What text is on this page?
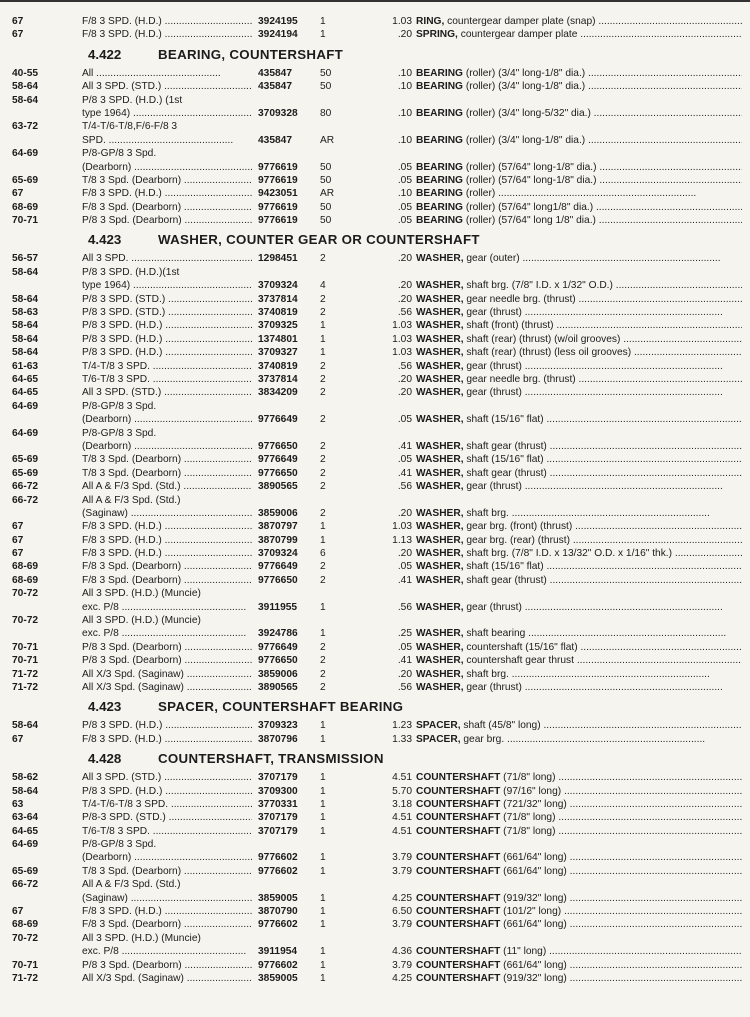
67	F/8 3 SPD. (H.D.) .....	3924195	1	1.03 RING, countergear damper plate (snap) .....
67	F/8 3 SPD. (H.D.) .....	3924194	1	.20 SPRING, countergear damper plate .....
4.422	BEARING, COUNTERSHAFT
40-55	All .....	435847	50	.10 BEARING (roller) (3/4" long-1/8" dia.) .....
58-64	All 3 SPD. (STD.) .....	435847	50	.10 BEARING (roller) (3/4" long-1/8" dia.) .....
58-64	P/8 3 SPD. (H.D.) (1st
type 1964) .....	3709328	80	.10 BEARING (roller) (3/4" long-5/32" dia.) .....
63-72	T/4-T/6-T/8,F/6-F/8 3
SPD. .....	435847	AR	.10 BEARING (roller) (3/4" long-1/8" dia.) .....
64-69	P/8-GP/8 3 Spd.
(Dearborn) .....	9776619	50	.05 BEARING (roller) (57/64" long-1/8" dia.) .....
65-69	T/8 3 Spd. (Dearborn) .....	9776619	50	.05 BEARING (roller) (57/64" long-1/8" dia.) .....
67	F/8 3 SPD. (H.D.) .....	9423051	AR	.10 BEARING (roller) .....
68-69	F/8 3 Spd. (Dearborn) .....	9776619	50	.05 BEARING (roller) (57/64" long1/8" dia.) .....
70-71	P/8 3 Spd. (Dearborn) .....	9776619	50	.05 BEARING (roller) (57/64" long 1/8" dia.) .....
4.423	WASHER, COUNTER GEAR OR COUNTERSHAFT
56-57	All 3 SPD. .....	1298451	2	.20 WASHER, gear (outer) .....
58-64	P/8 3 SPD. (H.D.)(1st
type 1964) .....	3709324	4	.20 WASHER, shaft brg. (7/8" I.D. x 1/32" O.D.) .....
58-64	P/8 3 SPD. (STD.) .....	3737814	2	.20 WASHER, gear needle brg. (thrust) .....
58-63	P/8 3 SPD. (STD.) .....	3740819	2	.56 WASHER, gear (thrust) .....
58-64	P/8 3 SPD. (H.D.) .....	3709325	1	1.03 WASHER, shaft (front) (thrust) .....
58-64	P/8 3 SPD. (H.D.) .....	1374801	1	1.03 WASHER, shaft (rear) (thrust) (w/oil grooves) .....
58-64	P/8 3 SPD. (H.D.) .....	3709327	1	1.03 WASHER, shaft (rear) (thrust) (less oil grooves) .....
61-63	T/4-T/8 3 SPD. .....	3740819	2	.56 WASHER, gear (thrust) .....
64-65	T/6-T/8 3 SPD. .....	3737814	2	.20 WASHER, gear needle brg. (thrust) .....
64-65	All 3 SPD. (STD.) .....	3834209	2	.20 WASHER, gear (thrust) .....
64-69	P/8-GP/8 3 Spd.
(Dearborn) .....	9776649	2	.05 WASHER, shaft (15/16" flat) .....
64-69	P/8-GP/8 3 Spd.
(Dearborn) .....	9776650	2	.41 WASHER, shaft gear (thrust) .....
65-69	T/8 3 Spd. (Dearborn) .....	9776649	2	.05 WASHER, shaft (15/16" flat) .....
65-69	T/8 3 Spd. (Dearborn) .....	9776650	2	.41 WASHER, shaft gear (thrust) .....
66-72	All A & F/3 Spd. (Std.) .....	3890565	2	.56 WASHER, gear (thrust) .....
66-72	All A & F/3 Spd. (Std.)
(Saginaw) .....	3859006	2	.20 WASHER, shaft brg. .....
67	F/8 3 SPD. (H.D.) .....	3870797	1	1.03 WASHER, gear brg. (front) (thrust) .....
67	F/8 3 SPD. (H.D.) .....	3870799	1	1.13 WASHER, gear brg. (rear) (thrust) .....
67	F/8 3 SPD. (H.D.) .....	3709324	6	.20 WASHER, shaft brg. (7/8" I.D. x 13/32" O.D. x 1/16" thk.) .....
68-69	F/8 3 Spd. (Dearborn) .....	9776649	2	.05 WASHER, shaft (15/16" flat) .....
68-69	F/8 3 Spd. (Dearborn) .....	9776650	2	.41 WASHER, shaft gear (thrust) .....
70-72	All 3 SPD. (H.D.) (Muncie)
exc. P/8 .....	3911955	1	.56 WASHER, gear (thrust) .....
70-72	All 3 SPD. (H.D.) (Muncie)
exc. P/8 .....	3924786	1	.25 WASHER, shaft bearing .....
70-71	P/8 3 Spd. (Dearborn) .....	9776649	2	.05 WASHER, countershaft (15/16" flat) .....
70-71	P/8 3 Spd. (Dearborn) .....	9776650	2	.41 WASHER, countershaft gear thrust .....
71-72	All X/3 Spd. (Saginaw) .....	3859006	2	.20 WASHER, shaft brg. .....
71-72	All X/3 Spd. (Saginaw) .....	3890565	2	.56 WASHER, gear (thrust) .....
4.423	SPACER, COUNTERSHAFT BEARING
58-64	P/8 3 SPD. (H.D.) .....	3709323	1	1.23 SPACER, shaft (45/8" long) .....
67	F/8 3 SPD. (H.D.) .....	3870796	1	1.33 SPACER, gear brg. .....
4.428	COUNTERSHAFT, TRANSMISSION
58-62	All 3 SPD. (STD.) .....	3707179	1	4.51 COUNTERSHAFT (71/8" long) .....
58-64	P/8 3 SPD. (H.D.) .....	3709300	1	5.70 COUNTERSHAFT (97/16" long) .....
63	T/4-T/6-T/8 3 SPD. .....	3770331	1	3.18 COUNTERSHAFT (721/32" long) .....
63-64	P/8-3 SPD. (STD.) .....	3707179	1	4.51 COUNTERSHAFT (71/8" long) .....
64-65	T/6-T/8 3 SPD. .....	3707179	1	4.51 COUNTERSHAFT (71/8" long) .....
64-69	P/8-GP/8 3 Spd.
(Dearborn) .....	9776602	1	3.79 COUNTERSHAFT (661/64" long) .....
65-69	T/8 3 Spd. (Dearborn) .....	9776602	1	3.79 COUNTERSHAFT (661/64" long) .....
66-72	All A & F/3 Spd. (Std.)
(Saginaw) .....	3859005	1	4.25 COUNTERSHAFT (919/32" long) .....
67	F/8 3 SPD. (H.D.) .....	3870790	1	6.50 COUNTERSHAFT (101/2" long) .....
68-69	F/8 3 Spd. (Dearborn) .....	9776602	1	3.79 COUNTERSHAFT (661/64" long) .....
70-72	All 3 SPD. (H.D.) (Muncie)
exc. P/8 .....	3911954	1	4.36 COUNTERSHAFT (11" long) .....
70-71	P/8 3 Spd. (Dearborn) .....	9776602	1	3.79 COUNTERSHAFT (661/64" long) .....
71-72	All X/3 Spd. (Saginaw) .....	3859005	1	4.25 COUNTERSHAFT (919/32" long) .....
